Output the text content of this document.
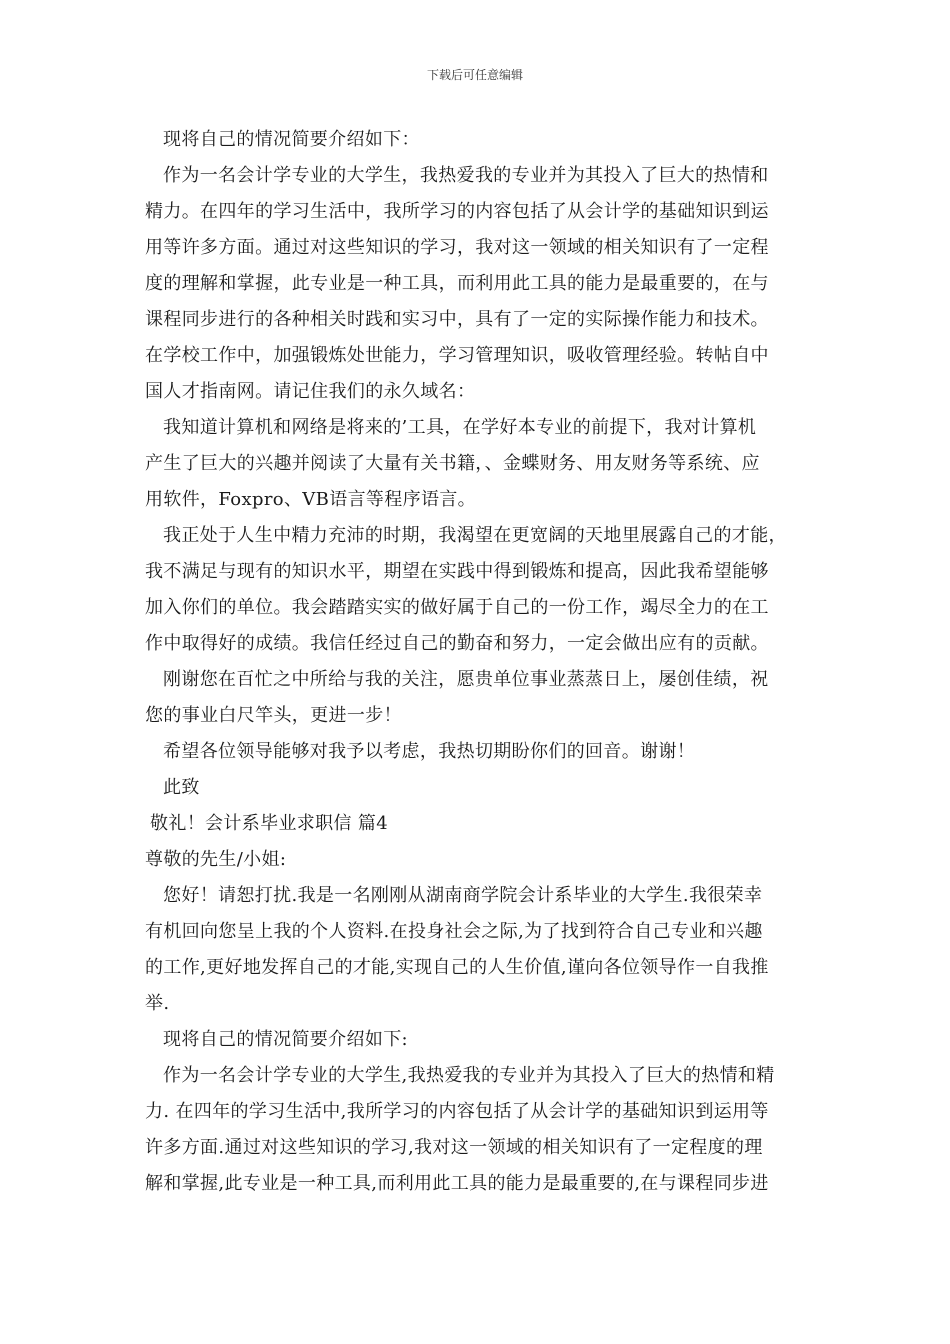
下载后可任意编辑

现将自己的情况简要介绍如下：

作为一名会计学专业的大学生，我热爱我的专业并为其投入了巨大的热情和

精力。在四年的学习生活中，我所学习的内容包括了从会计学的基础知识到运

用等许多方面。通过对这些知识的学习，我对这一领域的相关知识有了一定程

度的理解和掌握，此专业是一种工具，而利用此工具的能力是最重要的，在与

课程同步进行的各种相关时践和实习中，具有了一定的实际操作能力和技术。

在学校工作中，加强锻炼处世能力，学习管理知识，吸收管理经验。转帖自中

国人才指南网。请记住我们的永久域名：

我知道计算机和网络是将来的’工具，在学好本专业的前提下，我对计算机

产生了巨大的兴趣并阅读了大量有关书籍，、金蝶财务、用友财务等系统、应

用软件，Foxpro、VB语言等程序语言。

我正处于人生中精力充沛的时期，我渴望在更宽阔的天地里展露自己的才能，

我不满足与现有的知识水平，期望在实践中得到锻炼和提高，因此我希望能够

加入你们的单位。我会踏踏实实的做好属于自己的一份工作，竭尽全力的在工

作中取得好的成绩。我信任经过自己的勤奋和努力，一定会做出应有的贡献。

刚谢您在百忙之中所给与我的关注，愿贵单位事业蒸蒸日上，屡创佳绩，祝

您的事业白尺竿头，更进一步！

希望各位领导能够对我予以考虑，我热切期盼你们的回音。谢谢！

此致

敬礼！会计系毕业求职信 篇4

尊敬的先生/小姐:

您好！请恕打扰.我是一名刚刚从湖南商学院会计系毕业的大学生.我很荣幸

有机回向您呈上我的个人资料.在投身社会之际,为了找到符合自己专业和兴趣

的工作,更好地发挥自己的才能,实现自己的人生价值,谨向各位领导作一自我推

举.

现将自己的情况简要介绍如下:

作为一名会计学专业的大学生,我热爱我的专业并为其投入了巨大的热情和精

力. 在四年的学习生活中,我所学习的内容包括了从会计学的基础知识到运用等

许多方面.通过对这些知识的学习,我对这一领域的相关知识有了一定程度的理

解和掌握,此专业是一种工具,而利用此工具的能力是最重要的,在与课程同步进
